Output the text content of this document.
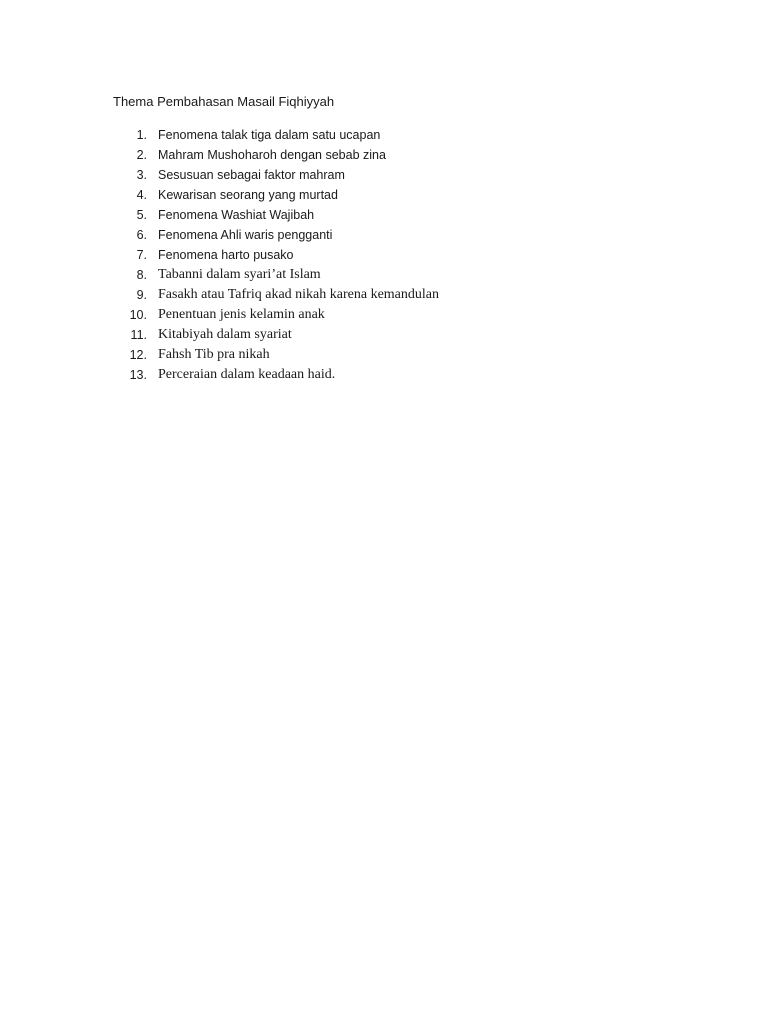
Thema Pembahasan Masail Fiqhiyyah
1. Fenomena talak tiga dalam satu ucapan
2. Mahram Mushoharoh dengan sebab zina
3. Sesusuan sebagai faktor mahram
4. Kewarisan seorang yang murtad
5. Fenomena Washiat Wajibah
6. Fenomena Ahli waris pengganti
7. Fenomena harto pusako
8. Tabanni dalam syari’at Islam
9. Fasakh atau Tafriq akad nikah karena kemandulan
10. Penentuan jenis kelamin anak
11. Kitabiyah dalam syariat
12. Fahsh Tib pra nikah
13. Perceraian dalam keadaan haid.
